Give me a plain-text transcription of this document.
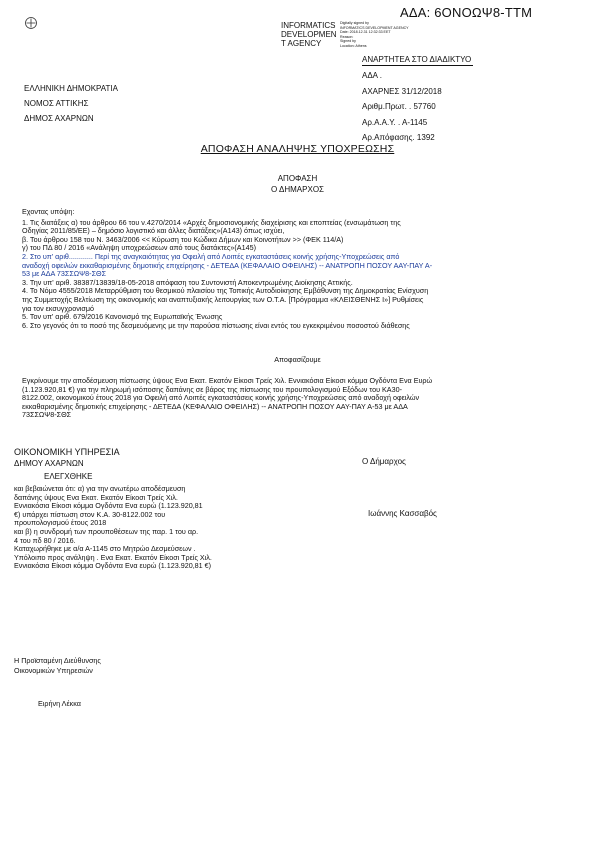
ΑΔΑ: 6ΟΝΟΩΨ8-ΤΤΜ
INFORMATICS
DEVELOPMEN
T AGENCY
Digitally signed by
INFORMATICS DEVELOPMENT AGENCY
Date: 2018.12.31 12:32:33 EET
Reason:
Signed by
Location: Athens
ΑΝΑΡΤΗΤΕΑ ΣΤΟ ΔΙΑΔΙΚΤΥΟ
ΕΛΛΗΝΙΚΗ ΔΗΜΟΚΡΑΤΙΑ
ΝΟΜΟΣ ΑΤΤΙΚΗΣ
ΔΗΜΟΣ ΑΧΑΡΝΩΝ
ΑΔΑ .
ΑΧΑΡΝΕΣ 31/12/2018
Αριθμ.Πρωτ. . 57760
Αρ.Α.Α.Υ. . Α-1145
Αρ.Απόφασης. 1392
ΑΠΟΦΑΣΗ ΑΝΑΛΗΨΗΣ ΥΠΟΧΡΕΩΣΗΣ
ΑΠΟΦΑΣΗ
Ο ΔΗΜΑΡΧΟΣ
Εχοντας υπόψη:
1. Τις διατάξεις α) του άρθρου 66 του ν.4270/2014 «Αρχές δημοσιονομικής διαχείρισης και εποπτείας (ενσωμάτωση της
Οδηγίας 2011/85/ΕΕ) – δημόσιο λογιστικό και άλλες διατάξεις»(Α143) όπως ισχύει,
β. Του άρθρου 158 του Ν. 3463/2006 << Κύρωση του Κώδικα Δήμων και Κοινοτήτων >> (ΦΕΚ 114/Α)
γ) του ΠΔ 80 / 2016 «Ανάληψη υποχρεώσεων από τους διατάκτες»(Α145)
2. Στο υπ' αριθ............ Περί της αναγκαιότητας για Οφειλή από Λοιπές εγκαταστάσεις κοινής χρήσης-Υποχρεώσεις από
αναδοχή οφειλών εκκαθαρισμένης δημοτικής επιχείρησης - ΔΕΤΕΔΑ (ΚΕΦΑΛΑΙΟ ΟΦΕΙΛΗΣ) -- ΑΝΑΤΡΟΠΗ ΠΟΣΟΥ ΑΑΥ-ΠΑΥ Α-
53 με ΑΔΑ 73ΣΣΩΨ8-ΣΘΣ
3. Την υπ' αριθ. 38387/13839/18-05-2018 απόφαση του Συντονιστή Αποκεντρωμένης Διοίκησης Αττικής.
4. Το Νόμο 4555/2018 Μεταρρύθμιση του θεσμικού πλαισίου της Τοπικής Αυτοδιοίκησης Εμβάθυνση της Δημοκρατίας Ενίσχυση
της Συμμετοχής Βελτίωση της οικονομικής και αναπτυξιακής λειτουργίας των Ο.Τ.Α. [Πρόγραμμα «ΚΛΕΙΣΘΕΝΗΣ Ι»] Ρυθμίσεις
για τον εκσυγχρονισμό
5. Τον υπ' αριθ. 679/2016 Κανονισμό της Ευρωπαϊκής Ένωσης
6. Στο γεγονός ότι το ποσό της δεσμευόμενης με την παρούσα πίστωσης είναι εντός του εγκεκριμένου ποσοστού διάθεσης
Αποφασίζουμε
Εγκρίνουμε την αποδέσμευση πίστωσης ύψους Ενα Εκατ. Εκατόν Είκοσι Τρείς Χιλ. Εννιακόσια Είκοσι κόμμα Ογδόντα Ενα Ευρώ
(1.123.920,81 €) για την πληρωμή ισόποσης δαπάνης σε βάρος της πίστωσης του προυπολογισμού Εξόδων του ΚΑ30-
8122.002, οικονομικού έτους 2018 για Οφειλή από Λοιπές εγκαταστάσεις κοινής χρήσης-Υποχρεώσεις από αναδοχή οφειλών
εκκαθαρισμένης δημοτικής επιχείρησης - ΔΕΤΕΔΑ (ΚΕΦΑΛΑΙΟ ΟΦΕΙΛΗΣ) -- ΑΝΑΤΡΟΠΗ ΠΟΣΟΥ ΑΑΥ-ΠΑΥ Α-53 με ΑΔΑ
73ΣΣΩΨ8-ΣΘΣ
ΟΙΚΟΝΟΜΙΚΗ ΥΠΗΡΕΣΙΑ
ΔΗΜΟΥ ΑΧΑΡΝΩΝ
ΕΛΕΓΧΘΗΚΕ
Ο Δήμαρχος
Ιωάννης Κασσαβός
και βεβαιώνεται ότι: α) για την ανωτέρω αποδέσμευση
δαπάνης ύψους Ενα Εκατ. Εκατόν Είκοσι Τρείς Χιλ.
Εννιακόσια Είκοσι κόμμα Ογδόντα Ενα ευρώ (1.123.920,81
€) υπάρχει πίστωση στον Κ.Α. 30-8122.002 του
προυπολογισμού έτους 2018
και β) η συνδρομή των προυποθέσεων της παρ. 1 του αρ.
4 του πδ 80 / 2016.
Καταχωρήθηκε με α/α Α-1145 στο Μητρώο Δεσμεύσεων .
Υπόλοιπο προς ανάληψη . Ενα Εκατ. Εκατόν Είκοσι Τρείς Χιλ.
Εννιακόσια Είκοσι κόμμα Ογδόντα Ενα ευρώ (1.123.920,81 €)
Η Προϊσταμένη Διεύθυνσης
Οικονομικών Υπηρεσιών
Ειρήνη Λέκκα
